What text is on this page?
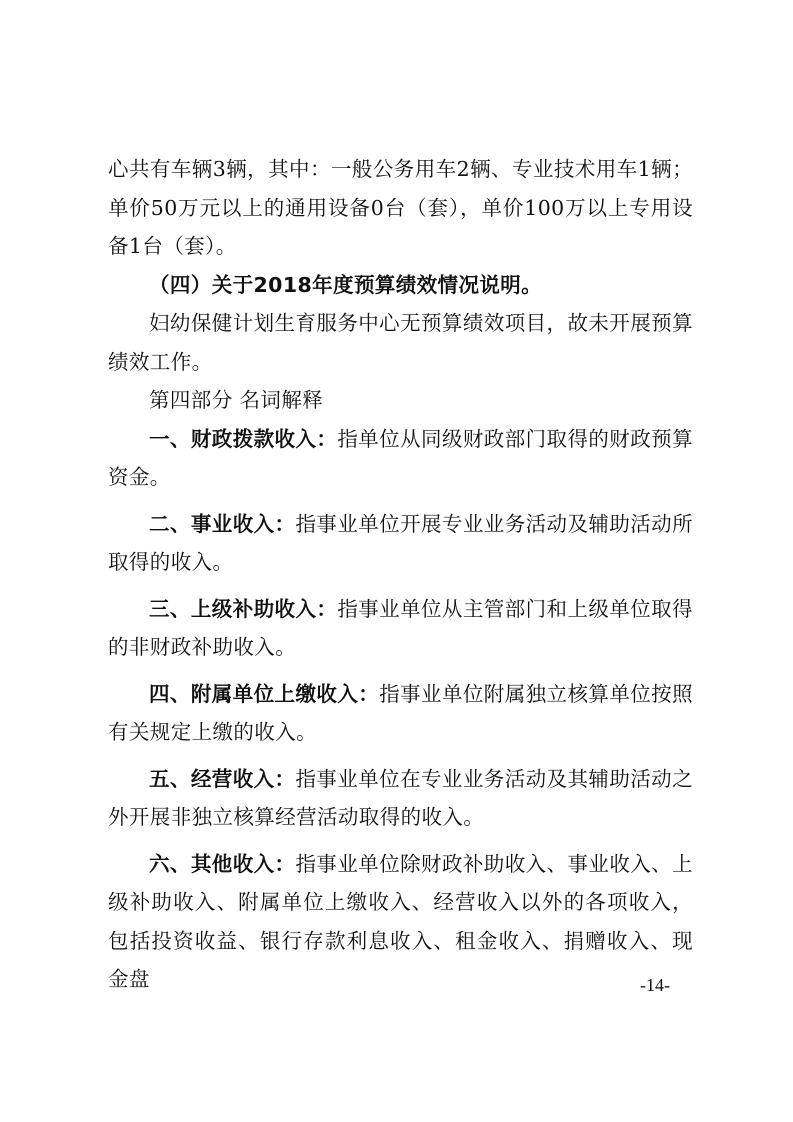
心共有车辆3辆，其中：一般公务用车2辆、专业技术用车1辆；单价50万元以上的通用设备0台（套），单价100万以上专用设备1台（套）。

（四）关于2018年度预算绩效情况说明。

妇幼保健计划生育服务中心无预算绩效项目，故未开展预算绩效工作。

第四部分 名词解释

一、财政拨款收入：指单位从同级财政部门取得的财政预算资金。

二、事业收入：指事业单位开展专业业务活动及辅助活动所取得的收入。

三、上级补助收入：指事业单位从主管部门和上级单位取得的非财政补助收入。

四、附属单位上缴收入：指事业单位附属独立核算单位按照有关规定上缴的收入。

五、经营收入：指事业单位在专业业务活动及其辅助活动之外开展非独立核算经营活动取得的收入。

六、其他收入：指事业单位除财政补助收入、事业收入、上级补助收入、附属单位上缴收入、经营收入以外的各项收入，包括投资收益、银行存款利息收入、租金收入、捐赠收入、现金盘	-14-
